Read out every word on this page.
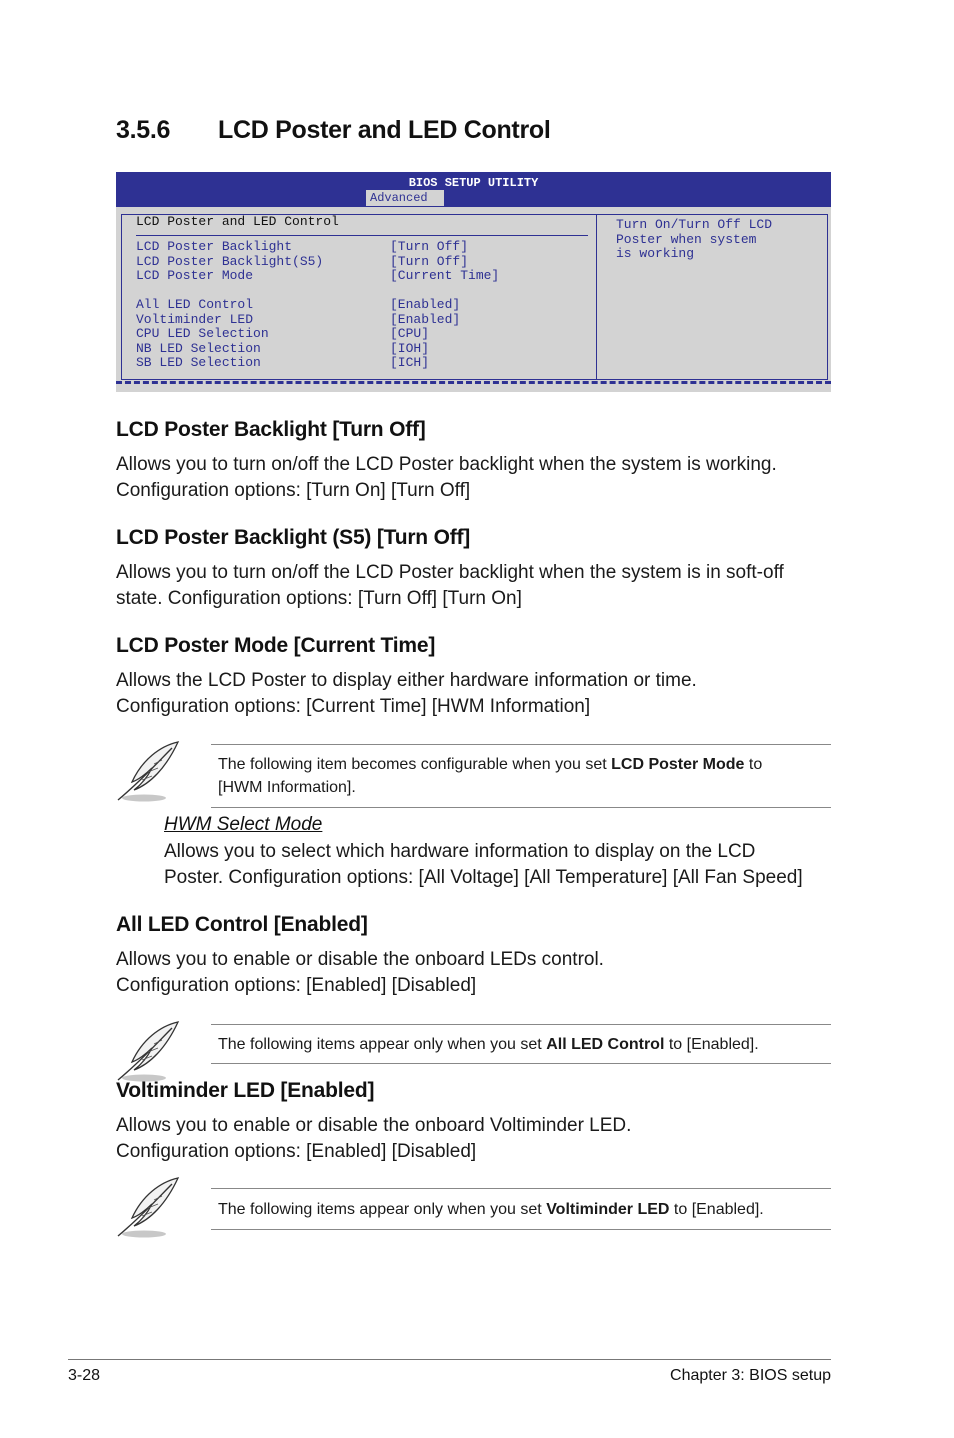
3.5.6 LCD Poster and LED Control
BIOS SETUP UTILITY
Advanced
LCD Poster and LED Control
LCD Poster Backlight	[Turn Off]
LCD Poster Backlight(S5)	[Turn Off]
LCD Poster Mode	[Current Time]
All LED Control	[Enabled]
Voltiminder LED	[Enabled]
CPU LED Selection	[CPU]
NB LED Selection	[IOH]
SB LED Selection	[ICH]
Turn On/Turn Off LCD
Poster when system
is working
LCD Poster Backlight [Turn Off]
Allows you to turn on/off the LCD Poster backlight when the system is working.
Configuration options: [Turn On] [Turn Off]
LCD Poster Backlight (S5) [Turn Off]
Allows you to turn on/off the LCD Poster backlight when the system is in soft-off
state. Configuration options: [Turn Off] [Turn On]
LCD Poster Mode [Current Time]
Allows the LCD Poster to display either hardware information or time.
Configuration options: [Current Time] [HWM Information]
The following item becomes configurable when you set LCD Poster Mode to
[HWM Information].
HWM Select Mode
Allows you to select which hardware information to display on the LCD
Poster. Configuration options: [All Voltage] [All Temperature] [All Fan Speed]
All LED Control [Enabled]
Allows you to enable or disable the onboard LEDs control.
Configuration options: [Enabled] [Disabled]
The following items appear only when you set All LED Control to [Enabled].
Voltiminder LED [Enabled]
Allows you to enable or disable the onboard Voltiminder LED.
Configuration options: [Enabled] [Disabled]
The following items appear only when you set Voltiminder LED to [Enabled].
3-28	Chapter 3: BIOS setup
